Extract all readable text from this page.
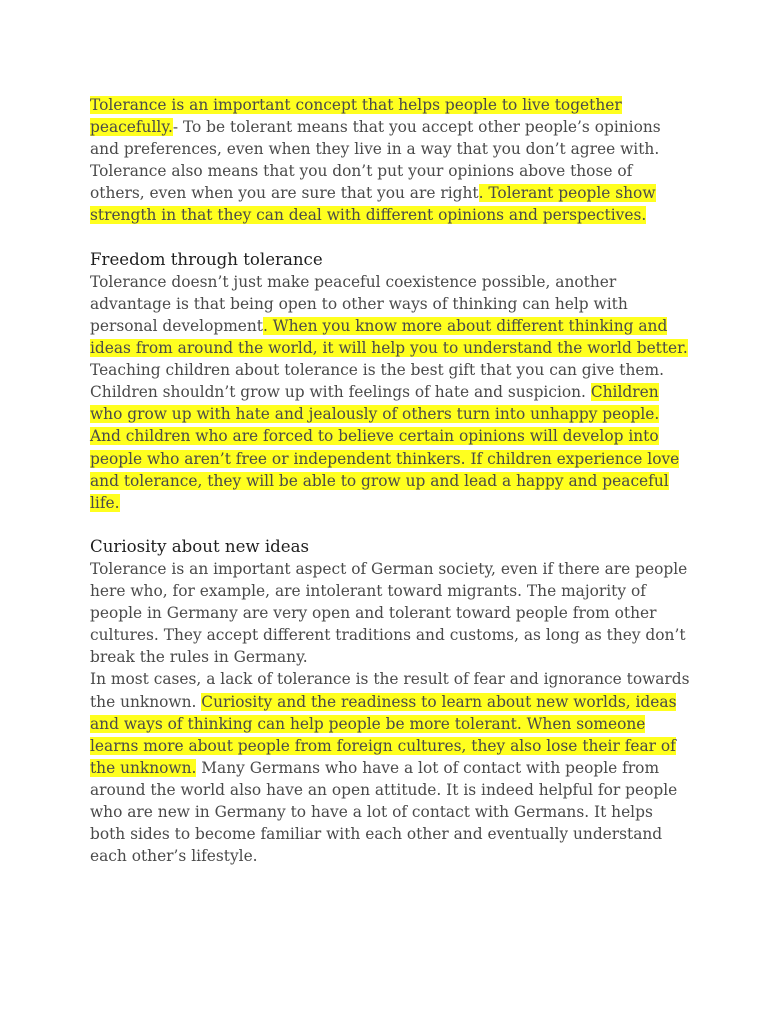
Tolerance is an important concept that helps people to live together peacefully.- To be tolerant means that you accept other people’s opinions and preferences, even when they live in a way that you don’t agree with. Tolerance also means that you don’t put your opinions above those of others, even when you are sure that you are right. Tolerant people show strength in that they can deal with different opinions and perspectives.

Freedom through tolerance

Tolerance doesn’t just make peaceful coexistence possible, another advantage is that being open to other ways of thinking can help with personal development. When you know more about different thinking and ideas from around the world, it will help you to understand the world better.

Teaching children about tolerance is the best gift that you can give them. Children shouldn’t grow up with feelings of hate and suspicion. Children who grow up with hate and jealously of others turn into unhappy people. And children who are forced to believe certain opinions will develop into people who aren’t free or independent thinkers. If children experience love and tolerance, they will be able to grow up and lead a happy and peaceful life.

Curiosity about new ideas

Tolerance is an important aspect of German society, even if there are people here who, for example, are intolerant toward migrants. The majority of people in Germany are very open and tolerant toward people from other cultures. They accept different traditions and customs, as long as they don’t break the rules in Germany.

In most cases, a lack of tolerance is the result of fear and ignorance towards the unknown. Curiosity and the readiness to learn about new worlds, ideas and ways of thinking can help people be more tolerant. When someone learns more about people from foreign cultures, they also lose their fear of the unknown. Many Germans who have a lot of contact with people from around the world also have an open attitude. It is indeed helpful for people who are new in Germany to have a lot of contact with Germans. It helps both sides to become familiar with each other and eventually understand each other’s lifestyle.
